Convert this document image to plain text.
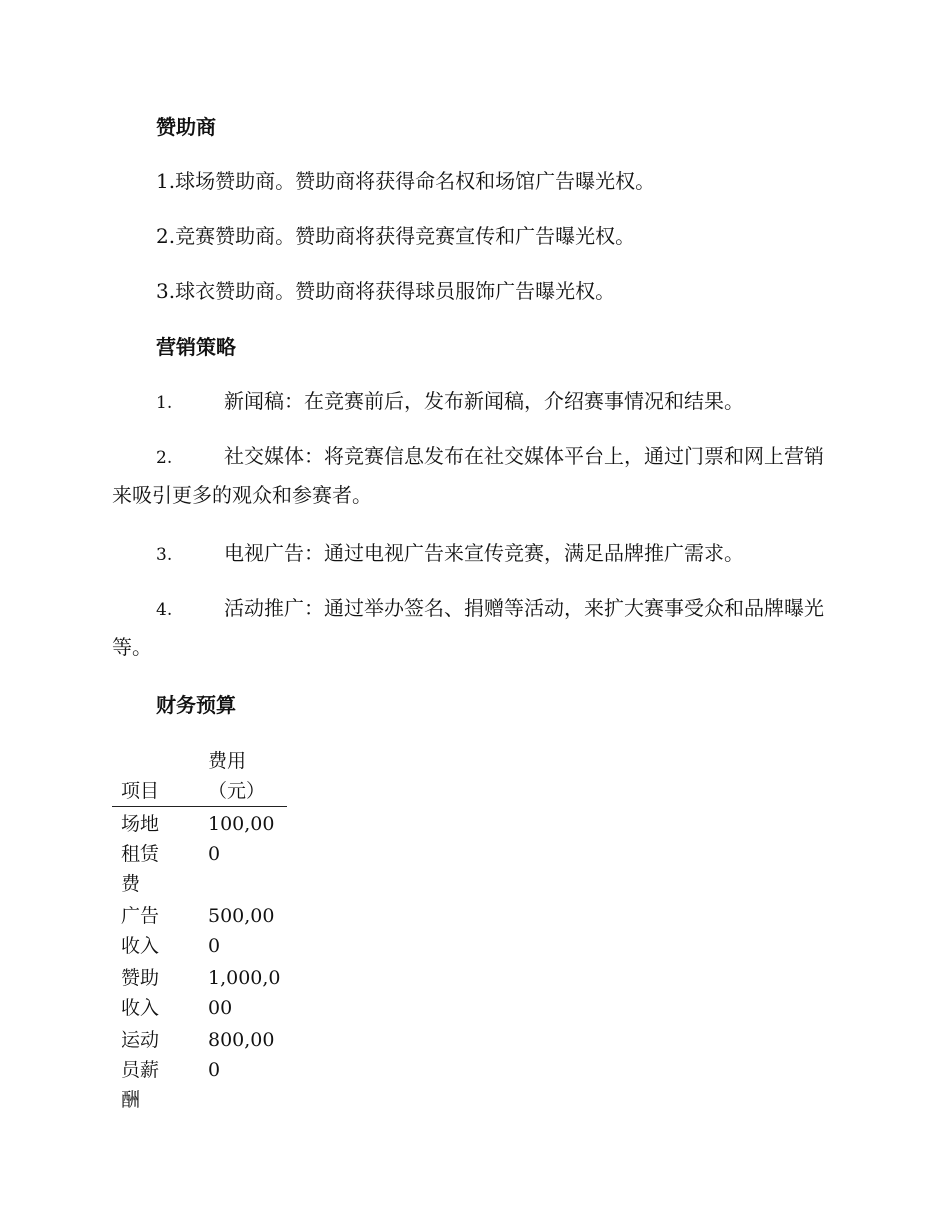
赞助商

1.球场赞助商。赞助商将获得命名权和场馆广告曝光权。

2.竞赛赞助商。赞助商将获得竞赛宣传和广告曝光权。

3.球衣赞助商。赞助商将获得球员服饰广告曝光权。

营销策略

1.	新闻稿：在竞赛前后，发布新闻稿，介绍赛事情况和结果。

2.	社交媒体：将竞赛信息发布在社交媒体平台上，通过门票和网上营销来吸引更多的观众和参赛者。

3.	电视广告：通过电视广告来宣传竞赛，满足品牌推广需求。

4.	活动推广：通过举办签名、捐赠等活动，来扩大赛事受众和品牌曝光等。

财务预算
项目	费用（元）

场地租赁费	100,000

广告收入	500,000

赞助收入	1,000,000

运动员薪酬	800,000
